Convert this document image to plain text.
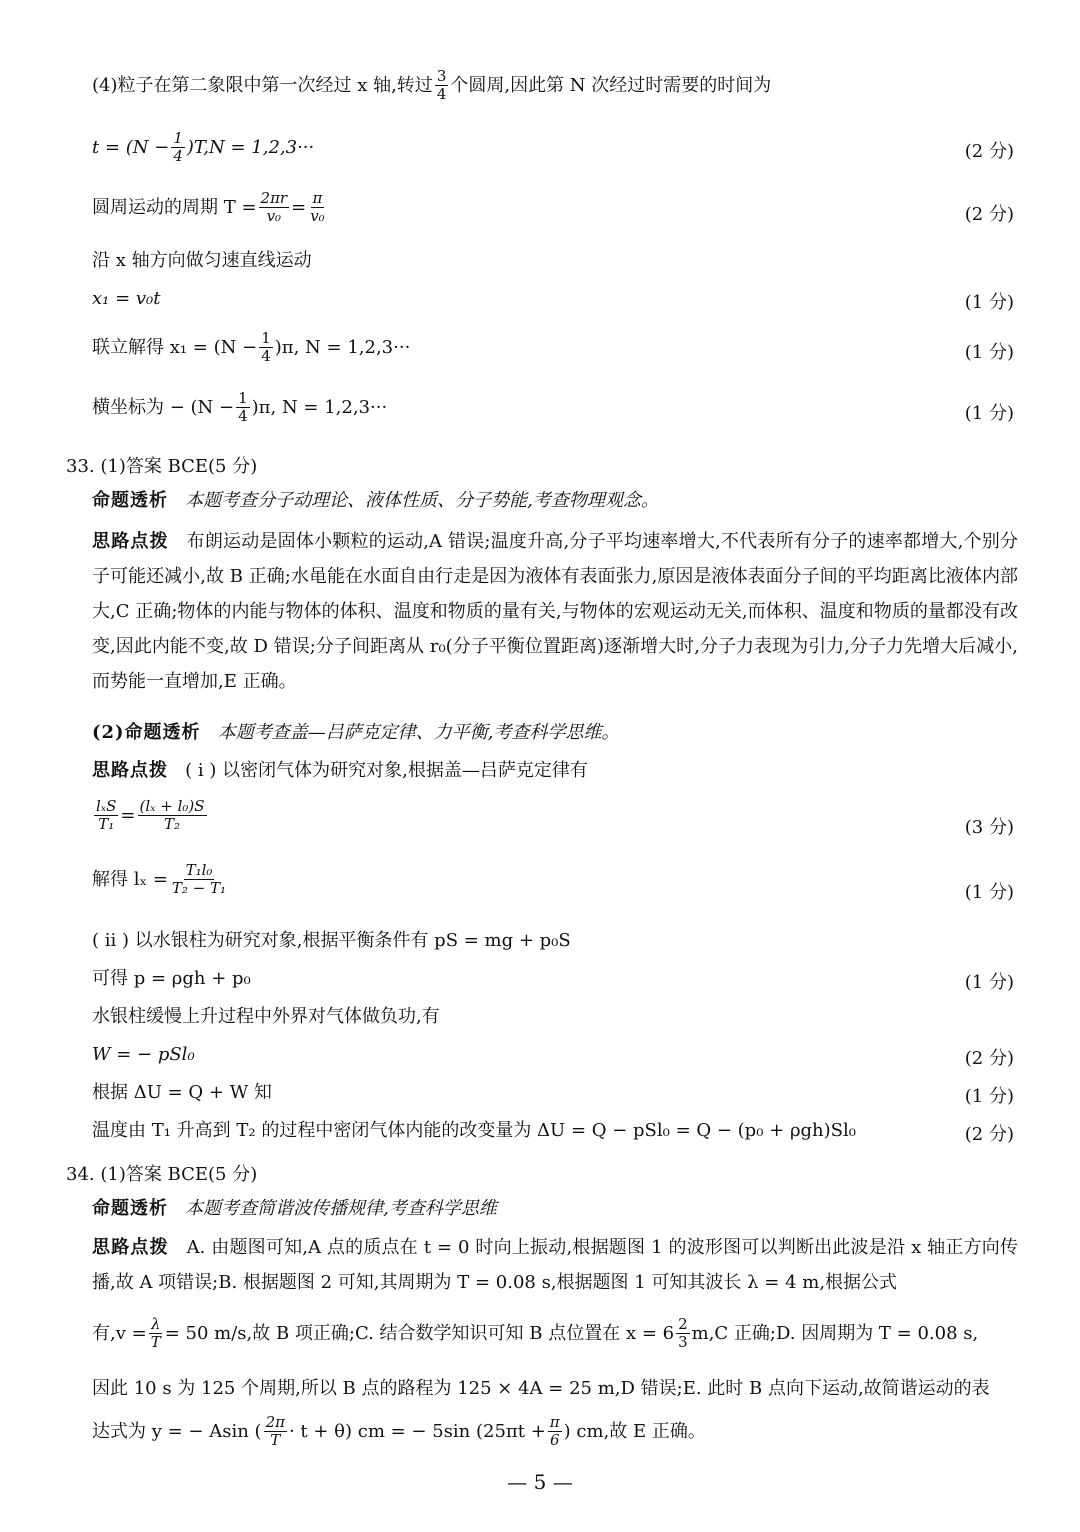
(4)粒子在第二象限中第一次经过 x 轴,转过 $\frac{3}{4}$ 个圆周,因此第 N 次经过时需要的时间为
$t = (N - \frac{1}{4} )T,N = 1,2,3\cdot\cdot\cdot$	(2 分)
圆周运动的周期 $T = \frac{2\pi r}{\text{v₀}} = \frac{\pi}{\text{v₀}}$	(2 分)
沿 x 轴方向做匀速直线运动
x₁ = v₀t	(1 分)
联立解得 $x_1 = (N - \frac{1}{4} )\pi$, N = 1,2,3···	(1 分)
横坐标为 − $(N - \frac{1}{4} )\pi$, N = 1,2,3···	(1 分)
33. (1)答案 BCE(5 分)
命题透析 本题考查分子动理论、液体性质、分子势能,考查物理观念。
思路点拨 布朗运动是固体小颗粒的运动,A 错误;温度升高,分子平均速率增大,不代表所有分子的速率都增大,个别分子可能还减小,故 B 正确;水黾能在水面自由行走是因为液体有表面张力,原因是液体表面分子间的平均距离比液体内部大,C 正确;物体的内能与物体的体积、温度和物质的量有关,与物体的宏观运动无关,而体积、温度和物质的量都没有改变,因此内能不变,故 D 错误;分子间距离从 r₀(分子平衡位置距离)逐渐增大时,分子力表现为引力,分子力先增大后减小,而势能一直增加,E 正确。
(2)命题透析 本题考查盖—吕萨克定律、力平衡,考查科学思维。
思路点拨 ( ⅰ ) 以密闭气体为研究对象,根据盖—吕萨克定律有
$\frac{\text{lₓS}}{\text{T₁}} = \frac{\text{(lₓ + l₀)S}}{\text{T₂}}$	(3 分)
解得 $l_x = \frac{\text{T₁l₀}}{\text{T₂ − T₁}}$	(1 分)
( ⅱ ) 以水银柱为研究对象,根据平衡条件有 pS = mg + p₀S
可得 p = ρgh + p₀	(1 分)
水银柱缓慢上升过程中外界对气体做负功,有
W = − pSl₀	(2 分)
根据 ΔU = Q + W 知	(1 分)
温度由 T₁ 升高到 T₂ 的过程中密闭气体内能的改变量为 ΔU = Q − pSl₀ = Q − (p₀ + ρgh)Sl₀	(2 分)
34. (1)答案 BCE(5 分)
命题透析 本题考查简谐波传播规律,考查科学思维
思路点拨 A. 由题图可知,A 点的质点在 t = 0 时向上振动,根据题图 1 的波形图可以判断出此波是沿 x 轴正方向传播,故 A 项错误;B. 根据题图 2 可知,其周期为 T = 0.08 s,根据题图 1 可知其波长 λ = 4 m,根据公式
有$,v = \frac{\lambda}{T} = 50$ m/s,故 B 项正确;C. 结合数学知识可知 B 点位置在 $x = 6 \frac{2}{3} m,C$ 正确;D. 因周期为 T = 0.08 s,
因此 10 s 为 125 个周期,所以 B 点的路程为 125 × 4A = 25 m,D 错误;E. 此时 B 点向下运动,故简谐运动的表
达式为 y = − Asin ( $\frac{2\pi}{T} \cdot t + \theta$) cm = − 5sin ($25\pi t + \frac{\pi}{6}$ ) cm,故 E 正确。
— 5 —
